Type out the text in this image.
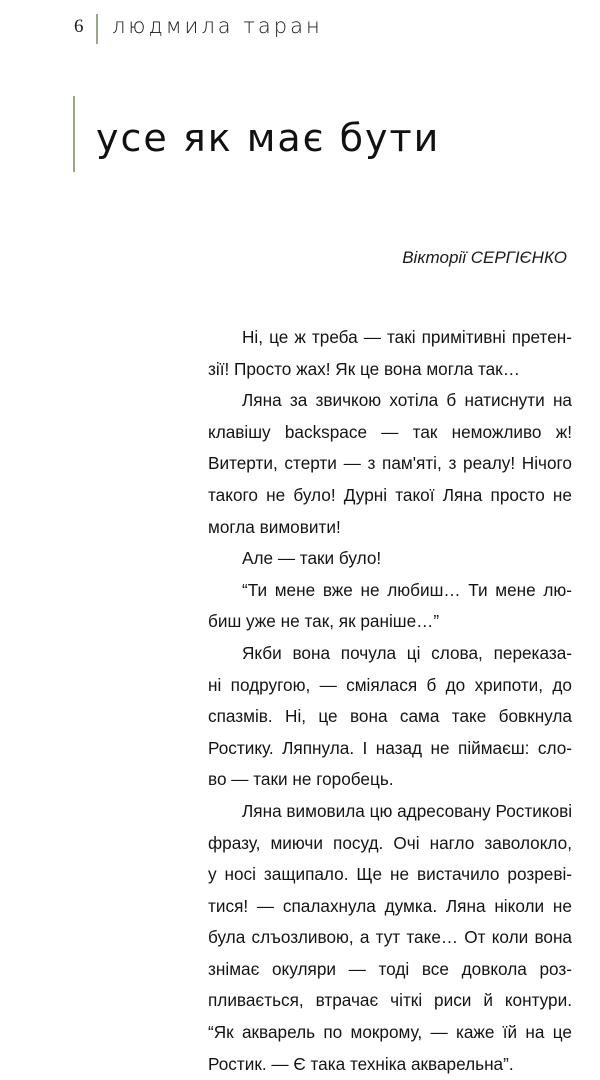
6 людмила таран
усе як має бути
Вікторії СЕРГІЄНКО
Ні, це ж треба — такі примітивні претен-
зії! Просто жах! Як це вона могла так…
Ляна за звичкою хотіла б натиснути на
клавішу backspace — так неможливо ж!
Витерти, стерти — з пам'яті, з реалу! Нічого
такого не було! Дурні такої Ляна просто не
могла вимовити!
Але — таки було!
“Ти мене вже не любиш… Ти мене лю-
биш уже не так, як раніше…”
Якби вона почула ці слова, переказа-
ні подругою, — сміялася б до хрипоти, до
спазмів. Ні, це вона сама таке бовкнула
Ростику. Ляпнула. І назад не піймаєш: сло-
во — таки не горобець.
Ляна вимовила цю адресовану Ростикові
фразу, миючи посуд. Очі нагло заволокло,
у носі защипало. Ще не вистачило розреві-
тися! — спалахнула думка. Ляна ніколи не
була слъозливою, а тут таке… От коли вона
знімає окуляри — тоді все довкола роз-
пливається, втрачає чіткі риси й контури.
“Як акварель по мокрому, — каже їй на це
Ростик. — Є така техніка акварельна”.
